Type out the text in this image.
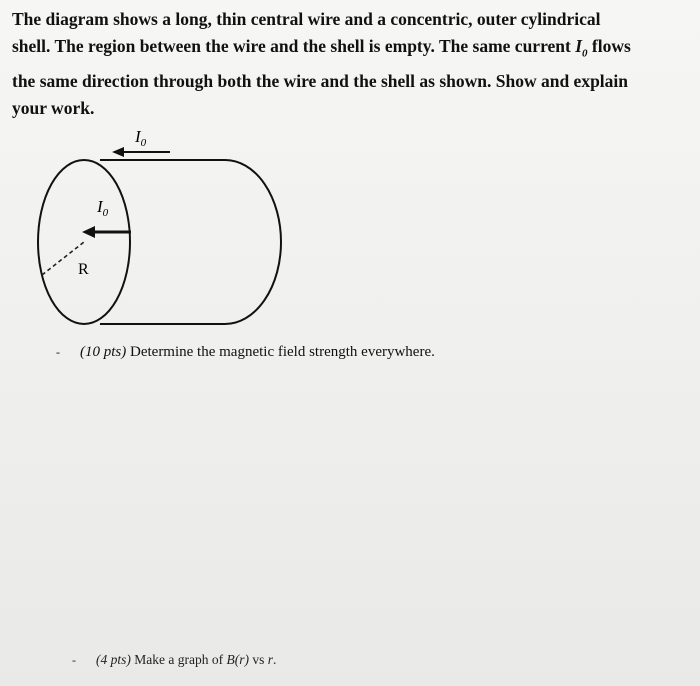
The diagram shows a long, thin central wire and a concentric, outer cylindrical
shell. The region between the wire and the shell is empty. The same current $I_0$ flows
the same direction through both the wire and the shell as shown. Show and explain
your work.

R
$I_0$
$I_0$

- (10 pts) Determine the magnetic field strength everywhere.

- (4 pts) Make a graph of B(r) vs r.
